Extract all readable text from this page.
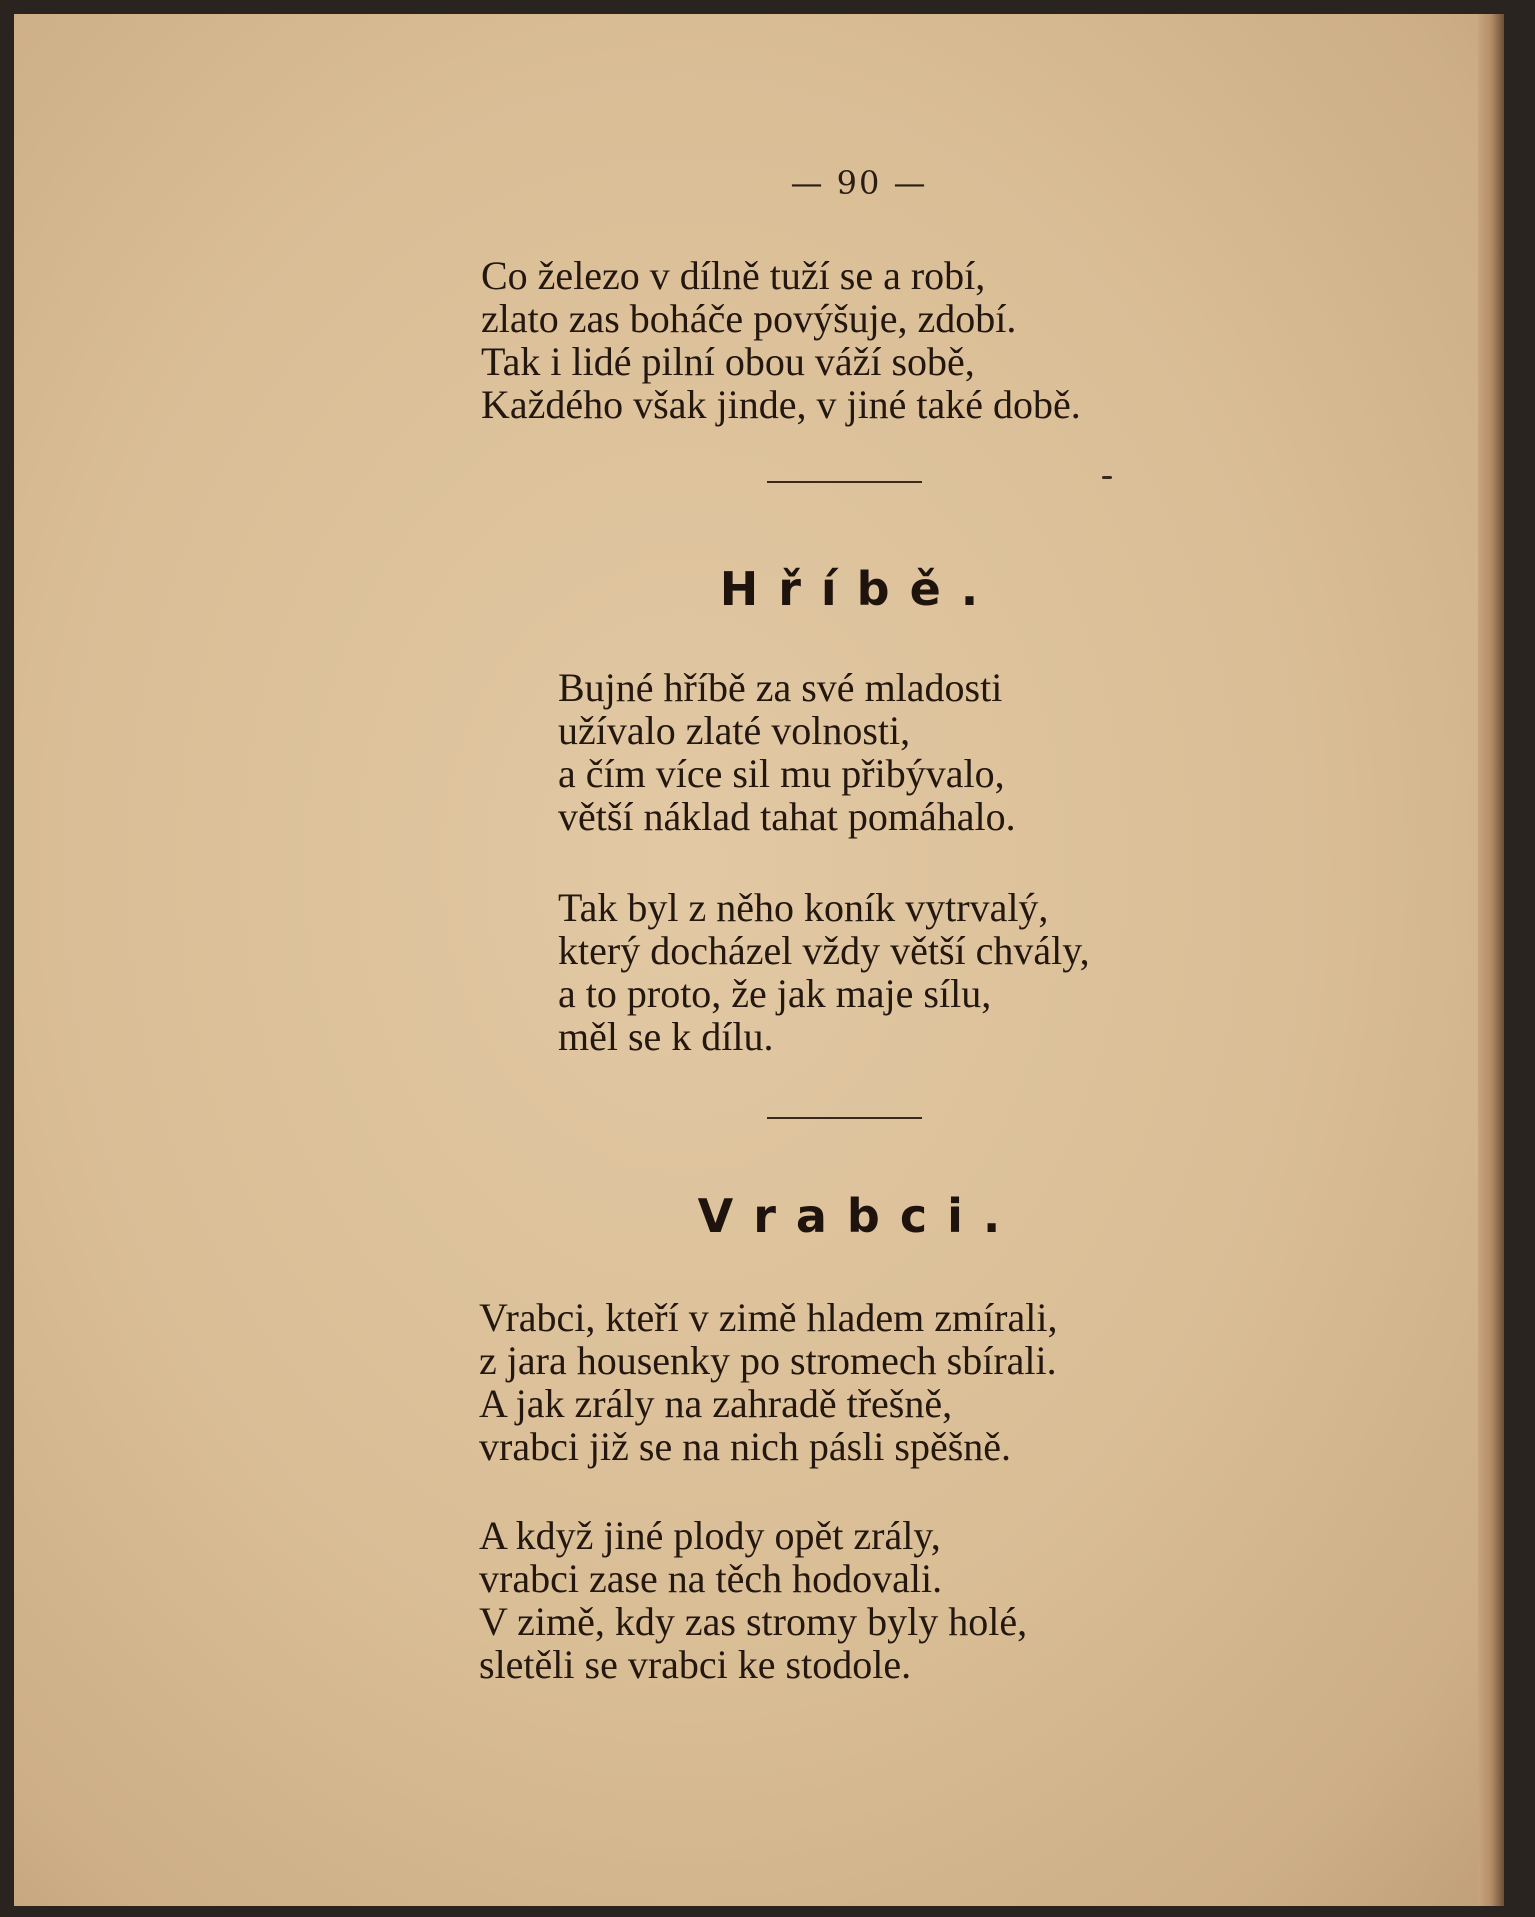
— 90 —
Co železo v dílně tuží se a robí,
zlato zas boháče povýšuje, zdobí.
Tak i lidé pilní obou váží sobě,
Každého však jinde, v jiné také době.
Hříbě.
Bujné hříbě za své mladosti
užívalo zlaté volnosti,
a čím více sil mu přibývalo,
větší náklad tahat pomáhalo.
Tak byl z něho koník vytrvalý,
který docházel vždy větší chvály,
a to proto, že jak maje sílu,
měl se k dílu.
Vrabci.
Vrabci, kteří v zimě hladem zmírali,
z jara housenky po stromech sbírali.
A jak zrály na zahradě třešně,
vrabci již se na nich pásli spěšně.
A když jiné plody opět zrály,
vrabci zase na těch hodovali.
V zimě, kdy zas stromy byly holé,
sletěli se vrabci ke stodole.
